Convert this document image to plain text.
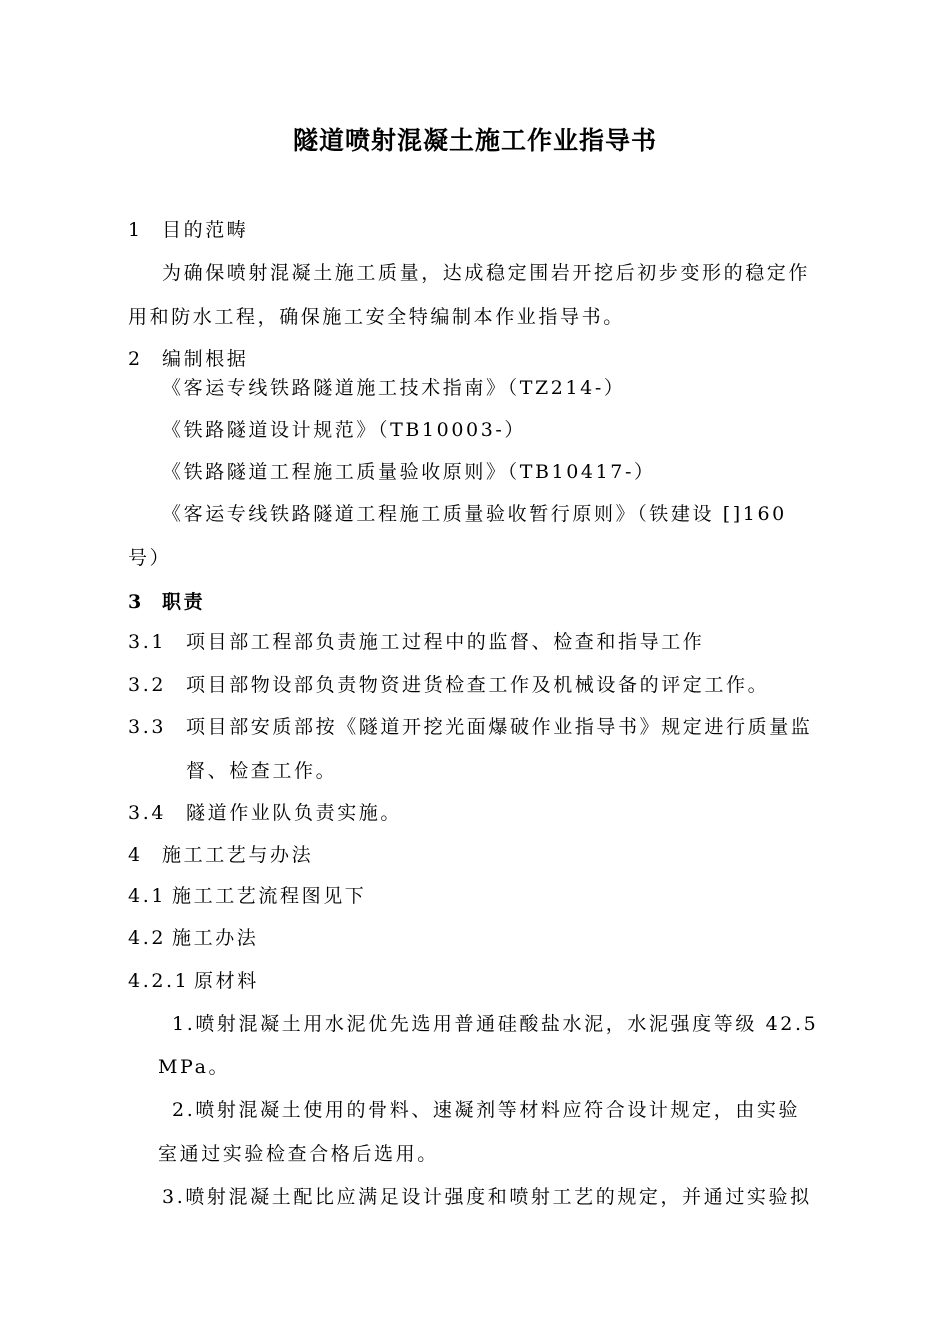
隧道喷射混凝土施工作业指导书
1 目的范畴
为确保喷射混凝土施工质量，达成稳定围岩开挖后初步变形的稳定作
用和防水工程，确保施工安全特编制本作业指导书。
2 编制根据
《客运专线铁路隧道施工技术指南》（TZ214-）
《铁路隧道设计规范》（TB10003-）
《铁路隧道工程施工质量验收原则》（TB10417-）
《客运专线铁路隧道工程施工质量验收暂行原则》（铁建设 []160
号）
3 职责
3.1 项目部工程部负责施工过程中的监督、检查和指导工作
3.2 项目部物设部负责物资进货检查工作及机械设备的评定工作。
3.3 项目部安质部按《隧道开挖光面爆破作业指导书》规定进行质量监
督、检查工作。
3.4 隧道作业队负责实施。
4 施工工艺与办法
4.1 施工工艺流程图见下
4.2 施工办法
4.2.1 原材料
1.喷射混凝土用水泥优先选用普通硅酸盐水泥，水泥强度等级 42.5
MPa。
2.喷射混凝土使用的骨料、速凝剂等材料应符合设计规定，由实验
室通过实验检查合格后选用。
3.喷射混凝土配比应满足设计强度和喷射工艺的规定，并通过实验拟
